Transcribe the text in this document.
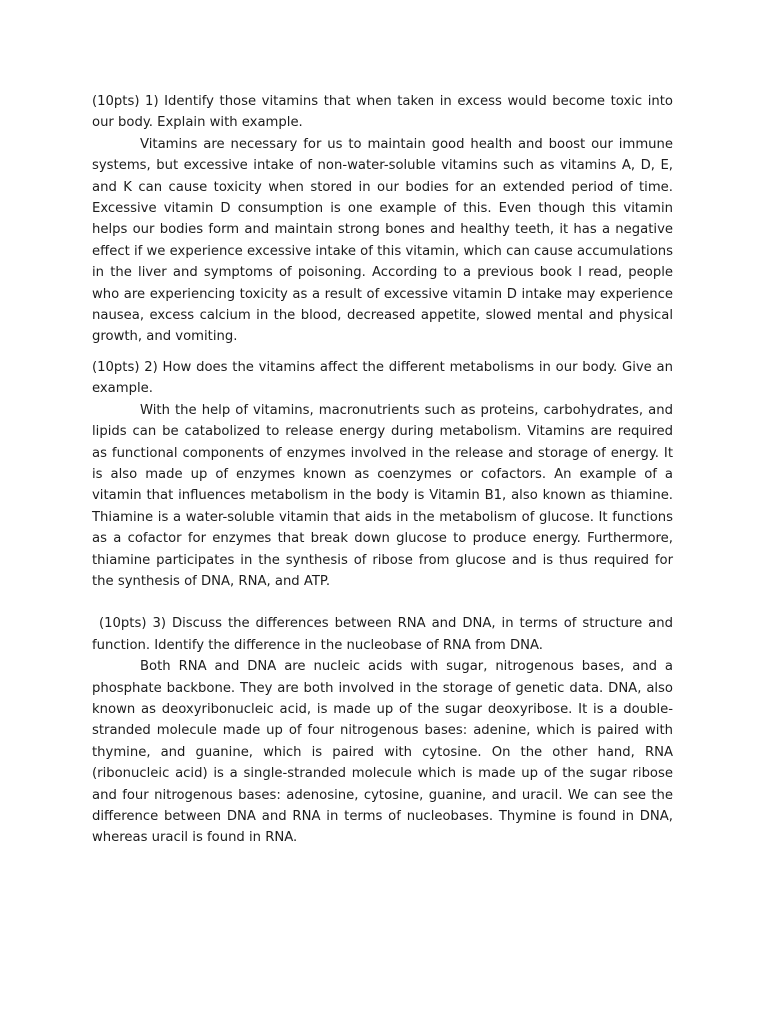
(10pts) 1) Identify those vitamins that when taken in excess would become toxic into our body. Explain with example.

Vitamins are necessary for us to maintain good health and boost our immune systems, but excessive intake of non-water-soluble vitamins such as vitamins A, D, E, and K can cause toxicity when stored in our bodies for an extended period of time. Excessive vitamin D consumption is one example of this. Even though this vitamin helps our bodies form and maintain strong bones and healthy teeth, it has a negative effect if we experience excessive intake of this vitamin, which can cause accumulations in the liver and symptoms of poisoning. According to a previous book I read, people who are experiencing toxicity as a result of excessive vitamin D intake may experience nausea, excess calcium in the blood, decreased appetite, slowed mental and physical growth, and vomiting.

(10pts) 2) How does the vitamins affect the different metabolisms in our body. Give an example.

With the help of vitamins, macronutrients such as proteins, carbohydrates, and lipids can be catabolized to release energy during metabolism. Vitamins are required as functional components of enzymes involved in the release and storage of energy. It is also made up of enzymes known as coenzymes or cofactors. An example of a vitamin that influences metabolism in the body is Vitamin B1, also known as thiamine. Thiamine is a water-soluble vitamin that aids in the metabolism of glucose. It functions as a cofactor for enzymes that break down glucose to produce energy. Furthermore, thiamine participates in the synthesis of ribose from glucose and is thus required for the synthesis of DNA, RNA, and ATP.

(10pts) 3) Discuss the differences between RNA and DNA, in terms of structure and function. Identify the difference in the nucleobase of RNA from DNA.

Both RNA and DNA are nucleic acids with sugar, nitrogenous bases, and a phosphate backbone. They are both involved in the storage of genetic data. DNA, also known as deoxyribonucleic acid, is made up of the sugar deoxyribose. It is a double-stranded molecule made up of four nitrogenous bases: adenine, which is paired with thymine, and guanine, which is paired with cytosine. On the other hand, RNA (ribonucleic acid) is a single-stranded molecule which is made up of the sugar ribose and four nitrogenous bases: adenosine, cytosine, guanine, and uracil. We can see the difference between DNA and RNA in terms of nucleobases. Thymine is found in DNA, whereas uracil is found in RNA.
